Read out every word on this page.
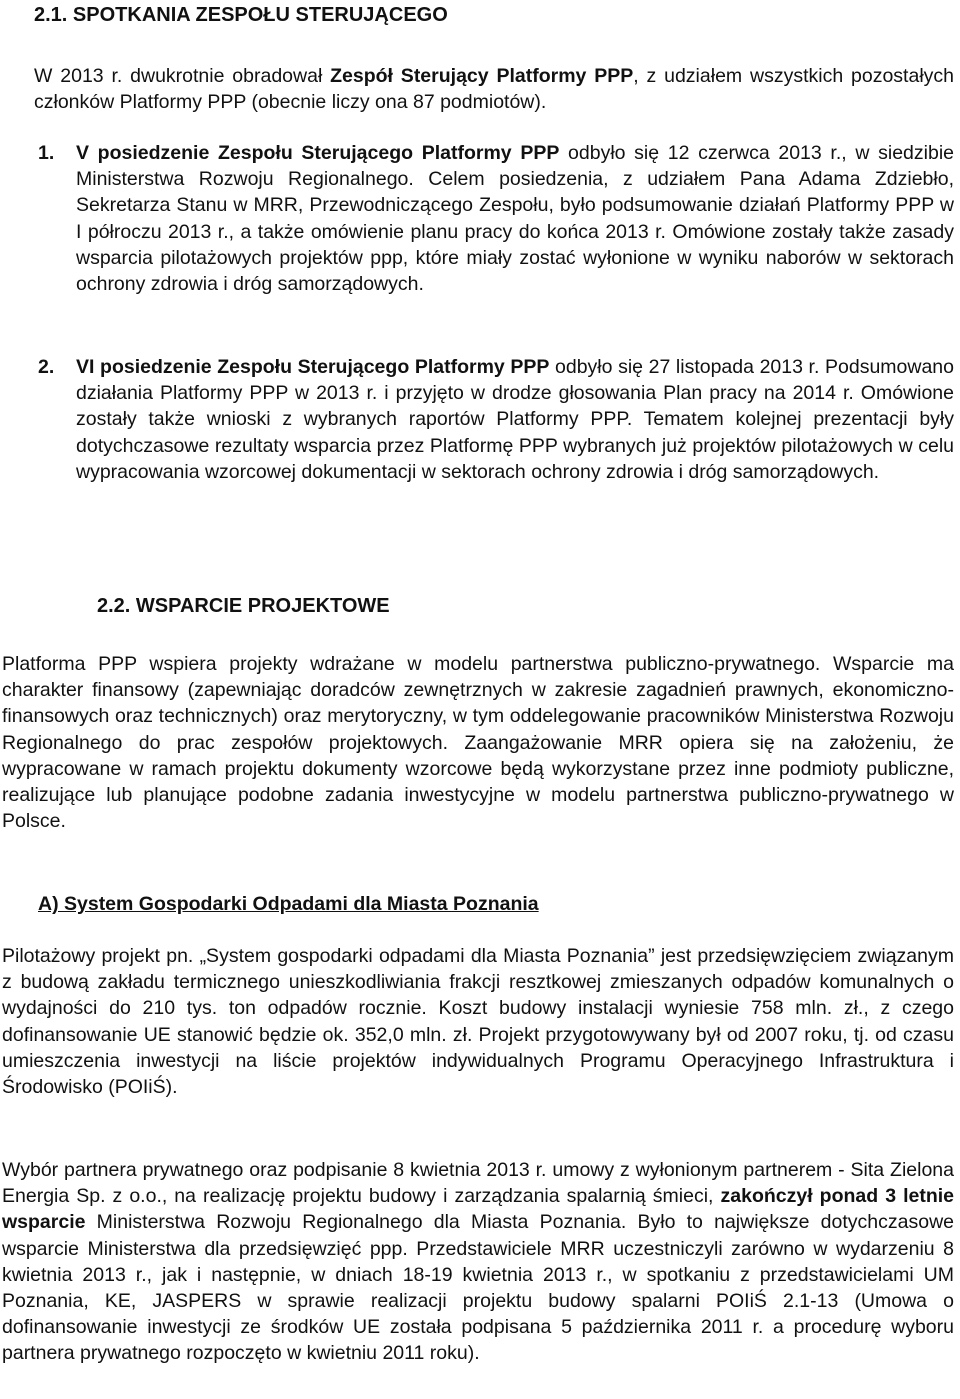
2.1. SPOTKANIA ZESPOŁU STERUJĄCEGO

W 2013 r. dwukrotnie obradował Zespół Sterujący Platformy PPP, z udziałem wszystkich pozostałych członków Platformy PPP (obecnie liczy ona 87 podmiotów).

1. V posiedzenie Zespołu Sterującego Platformy PPP odbyło się 12 czerwca 2013 r., w siedzibie Ministerstwa Rozwoju Regionalnego. Celem posiedzenia, z udziałem Pana Adama Zdziebło, Sekretarza Stanu w MRR, Przewodniczącego Zespołu, było podsumowanie działań Platformy PPP w I półroczu 2013 r., a także omówienie planu pracy do końca 2013 r. Omówione zostały także zasady wsparcia pilotażowych projektów ppp, które miały zostać wyłonione w wyniku naborów w sektorach ochrony zdrowia i dróg samorządowych.
2. VI posiedzenie Zespołu Sterującego Platformy PPP odbyło się 27 listopada 2013 r. Podsumowano działania Platformy PPP w 2013 r. i przyjęto w drodze głosowania Plan pracy na 2014 r. Omówione zostały także wnioski z wybranych raportów Platformy PPP. Tematem kolejnej prezentacji były dotychczasowe rezultaty wsparcia przez Platformę PPP wybranych już projektów pilotażowych w celu wypracowania wzorcowej dokumentacji w sektorach ochrony zdrowia i dróg samorządowych.
2.2. WSPARCIE PROJEKTOWE

Platforma PPP wspiera projekty wdrażane w modelu partnerstwa publiczno-prywatnego. Wsparcie ma charakter finansowy (zapewniając doradców zewnętrznych w zakresie zagadnień prawnych, ekonomiczno-finansowych oraz technicznych) oraz merytoryczny, w tym oddelegowanie pracowników Ministerstwa Rozwoju Regionalnego do prac zespołów projektowych. Zaangażowanie MRR opiera się na założeniu, że wypracowane w ramach projektu dokumenty wzorcowe będą wykorzystane przez inne podmioty publiczne, realizujące lub planujące podobne zadania inwestycyjne w modelu partnerstwa publiczno-prywatnego w Polsce.

A) System Gospodarki Odpadami dla Miasta Poznania

Pilotażowy projekt pn. „System gospodarki odpadami dla Miasta Poznania” jest przedsięwzięciem związanym z budową zakładu termicznego unieszkodliwiania frakcji resztkowej zmieszanych odpadów komunalnych o wydajności do 210 tys. ton odpadów rocznie. Koszt budowy instalacji wyniesie 758 mln. zł., z czego dofinansowanie UE stanowić będzie ok. 352,0 mln. zł. Projekt przygotowywany był od 2007 roku, tj. od czasu umieszczenia inwestycji na liście projektów indywidualnych Programu Operacyjnego Infrastruktura i Środowisko (POIiŚ).

Wybór partnera prywatnego oraz podpisanie 8 kwietnia 2013 r. umowy z wyłonionym partnerem - Sita Zielona Energia Sp. z o.o., na realizację projektu budowy i zarządzania spalarnią śmieci, zakończył ponad 3 letnie wsparcie Ministerstwa Rozwoju Regionalnego dla Miasta Poznania. Było to największe dotychczasowe wsparcie Ministerstwa dla przedsięwzięć ppp. Przedstawiciele MRR uczestniczyli zarówno w wydarzeniu 8 kwietnia 2013 r., jak i następnie, w dniach 18-19 kwietnia 2013 r., w spotkaniu z przedstawicielami UM Poznania, KE, JASPERS w sprawie realizacji projektu budowy spalarni POIiŚ 2.1-13 (Umowa o dofinansowanie inwestycji ze środków UE została podpisana 5 października 2011 r. a procedurę wyboru partnera prywatnego rozpoczęto w kwietniu 2011 roku).
